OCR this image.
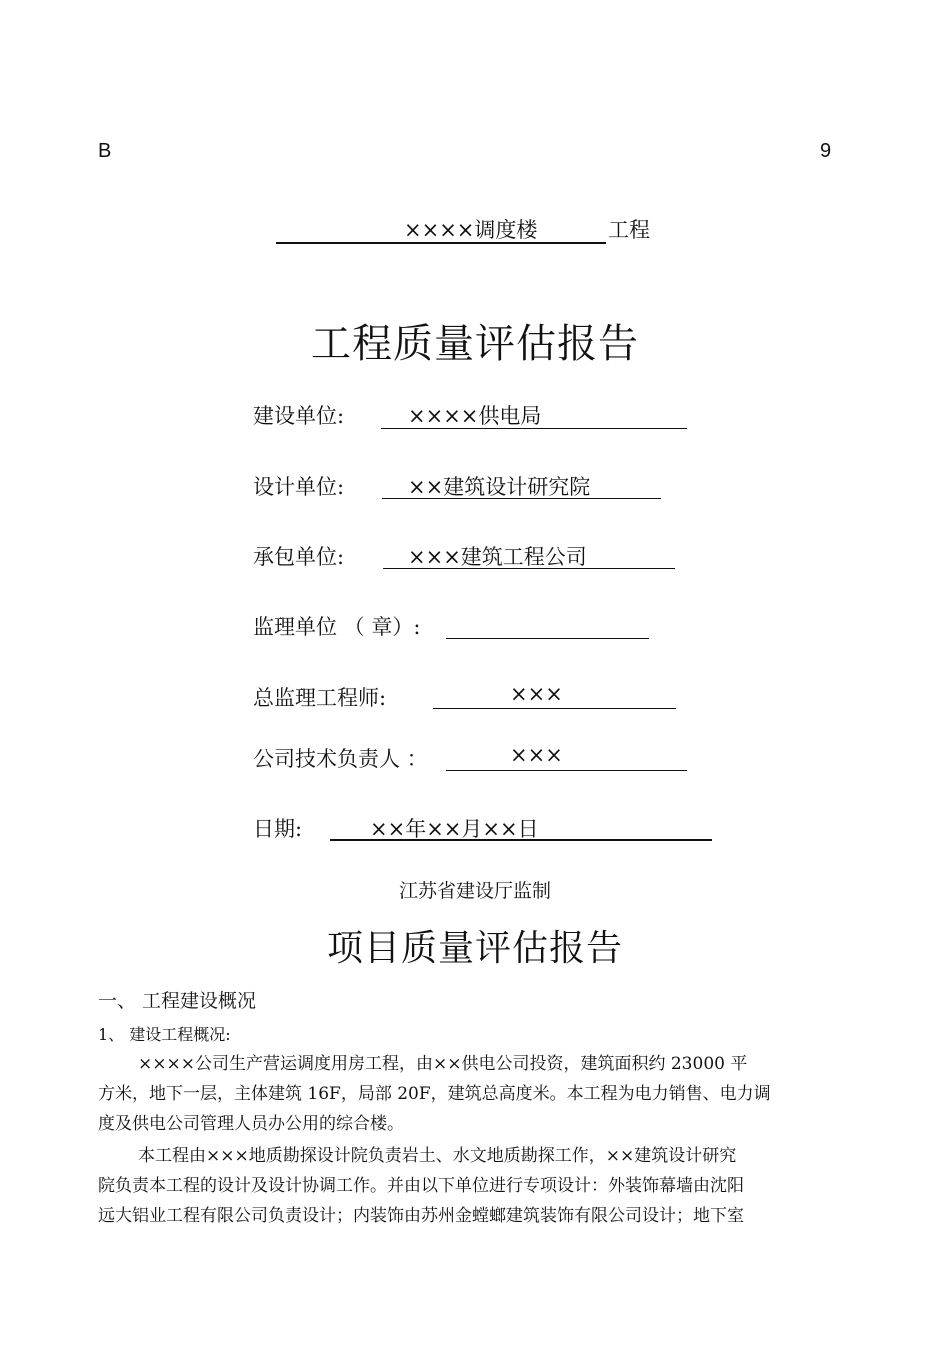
B	9
××××调度楼	工程
工程质量评估报告
建设单位:	××××供电局
设计单位:	××建筑设计研究院
承包单位:	×××建筑工程公司
监理单位 （ 章）:
总监理工程师:	×××
公司技术负责人 ：	×××
日期:	××年××月××日
江苏省建设厅监制
项目质量评估报告
一、 工程建设概况
1、 建设工程概况:
××××公司生产营运调度用房工程，由××供电公司投资，建筑面积约 23000 平
方米，地下一层，主体建筑 16F，局部 20F，建筑总高度米。本工程为电力销售、电力调
度及供电公司管理人员办公用的综合楼。
本工程由×××地质勘探设计院负责岩土、水文地质勘探工作，××建筑设计研究
院负责本工程的设计及设计协调工作。并由以下单位进行专项设计：外装饰幕墙由沈阳
远大铝业工程有限公司负责设计；内装饰由苏州金螳螂建筑装饰有限公司设计；地下室
